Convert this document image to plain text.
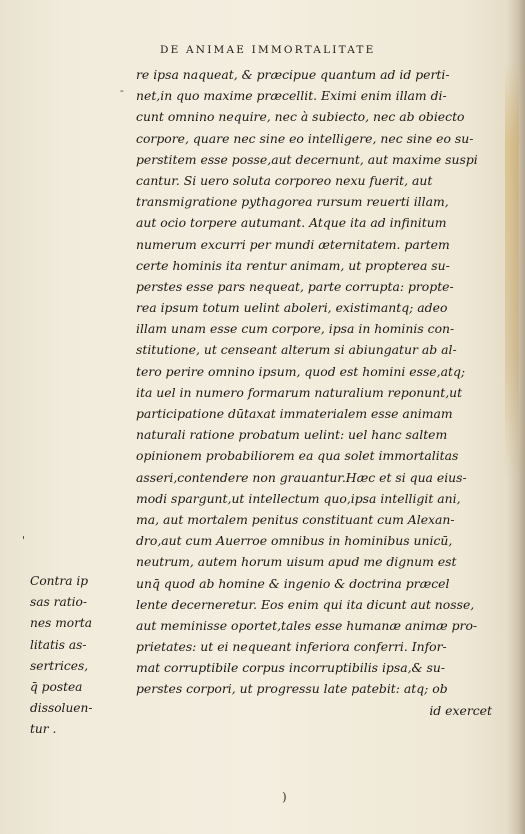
DE ANIMAE IMMORTALITATE
-
'
re ipsa naqueat, & præcipue quantum ad id perti-
net,in quo maxime præcellit. Eximi enim illam di-
cunt omnino nequire, nec à subiecto, nec ab obiecto
corpore, quare nec sine eo intelligere, nec sine eo su-
perstitem esse posse,aut decernunt, aut maxime suspi
cantur. Si uero soluta corporeo nexu fuerit, aut
transmigratione pythagorea rursum reuerti illam,
aut ocio torpere autumant. Atque ita ad infinitum
numerum excurri per mundi æternitatem. partem
certe hominis ita rentur animam, ut propterea su-
perstes esse pars nequeat, parte corrupta: propte-
rea ipsum totum uelint aboleri, existimantq; adeo
illam unam esse cum corpore, ipsa in hominis con-
stitutione, ut censeant alterum si abiungatur ab al-
tero perire omnino ipsum, quod est homini esse,atq;
ita uel in numero formarum naturalium reponunt,ut
participatione dūtaxat immaterialem esse animam
naturali ratione probatum uelint: uel hanc saltem
opinionem probabiliorem ea qua solet immortalitas
asseri,contendere non grauantur.Hæc et si qua eius-
modi spargunt,ut intellectum quo,ipsa intelligit ani,
ma, aut mortalem penitus constituant cum Alexan-
dro,aut cum Auerroe omnibus in hominibus unicū,
neutrum, autem horum uisum apud me dignum est
unq̄ quod ab homine & ingenio & doctrina præcel
lente decerneretur. Eos enim qui ita dicunt aut nosse,
aut meminisse oportet,tales esse humanæ animæ pro-
prietates: ut ei nequeant inferiora conferri. Infor-
mat corruptibile corpus incorruptibilis ipsa,& su-
perstes corpori, ut progressu late patebit: atq; ob
id exercet
Contra ip
sas ratio-
nes morta
litatis as-
sertrices,
q̄ postea
dissoluen-
tur .
)
